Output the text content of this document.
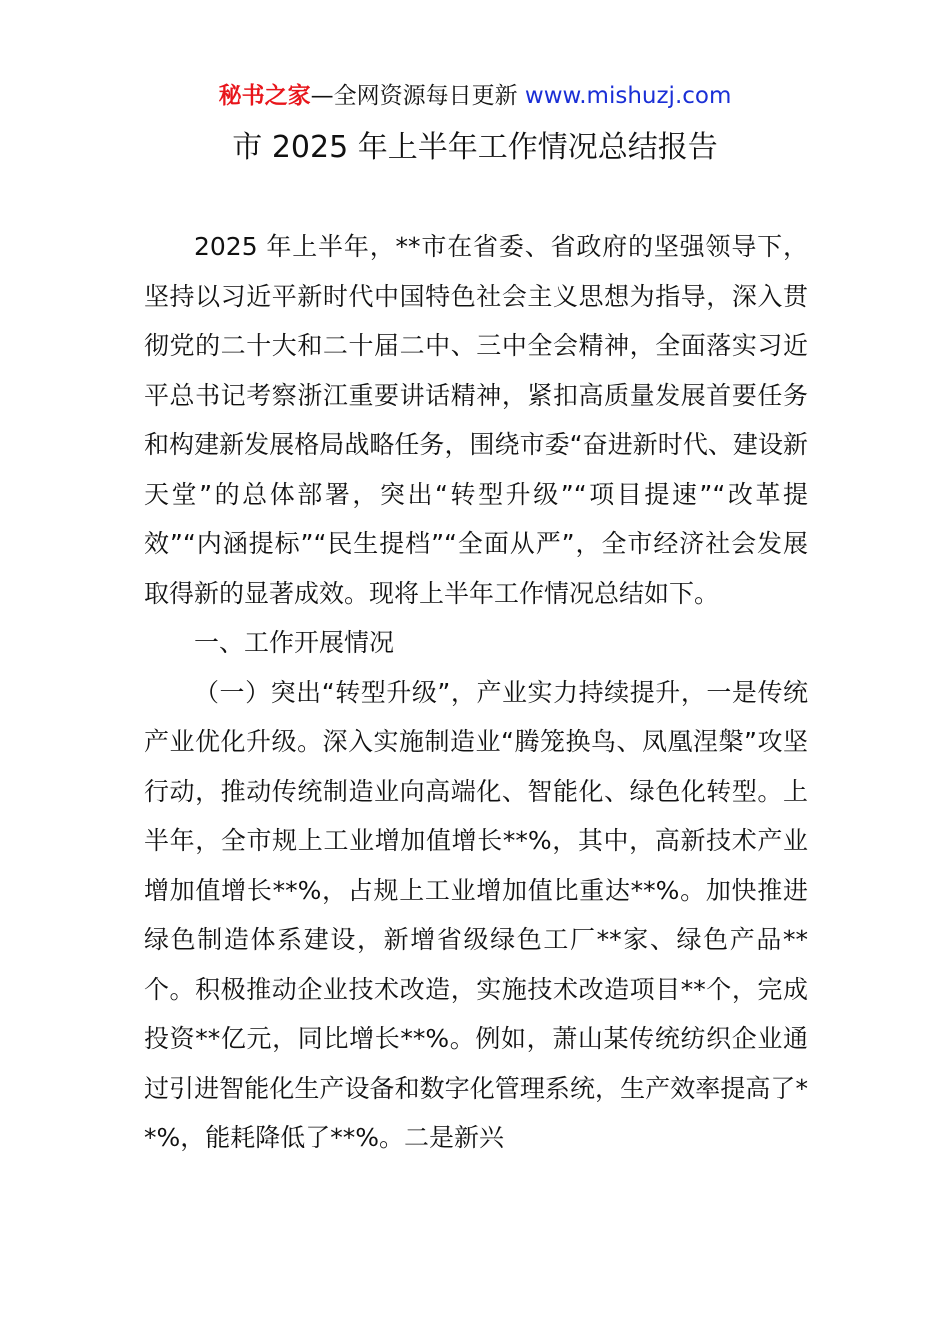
秘书之家—全网资源每日更新 www.mishuzj.com
市 2025 年上半年工作情况总结报告

2025 年上半年，**市在省委、省政府的坚强领导下，坚持以习近平新时代中国特色社会主义思想为指导，深入贯彻党的二十大和二十届二中、三中全会精神，全面落实习近平总书记考察浙江重要讲话精神，紧扣高质量发展首要任务和构建新发展格局战略任务，围绕市委“奋进新时代、建设新天堂”的总体部署，突出“转型升级”“项目提速”“改革提效”“内涵提标”“民生提档”“全面从严”，全市经济社会发展取得新的显著成效。现将上半年工作情况总结如下。

一、工作开展情况

（一）突出“转型升级”，产业实力持续提升，一是传统产业优化升级。深入实施制造业“腾笼换鸟、凤凰涅槃”攻坚行动，推动传统制造业向高端化、智能化、绿色化转型。上半年，全市规上工业增加值增长**%，其中，高新技术产业增加值增长**%，占规上工业增加值比重达**%。加快推进绿色制造体系建设，新增省级绿色工厂**家、绿色产品**个。积极推动企业技术改造，实施技术改造项目**个，完成投资**亿元，同比增长**%。例如，萧山某传统纺织企业通过引进智能化生产设备和数字化管理系统，生产效率提高了**%，能耗降低了**%。二是新兴
